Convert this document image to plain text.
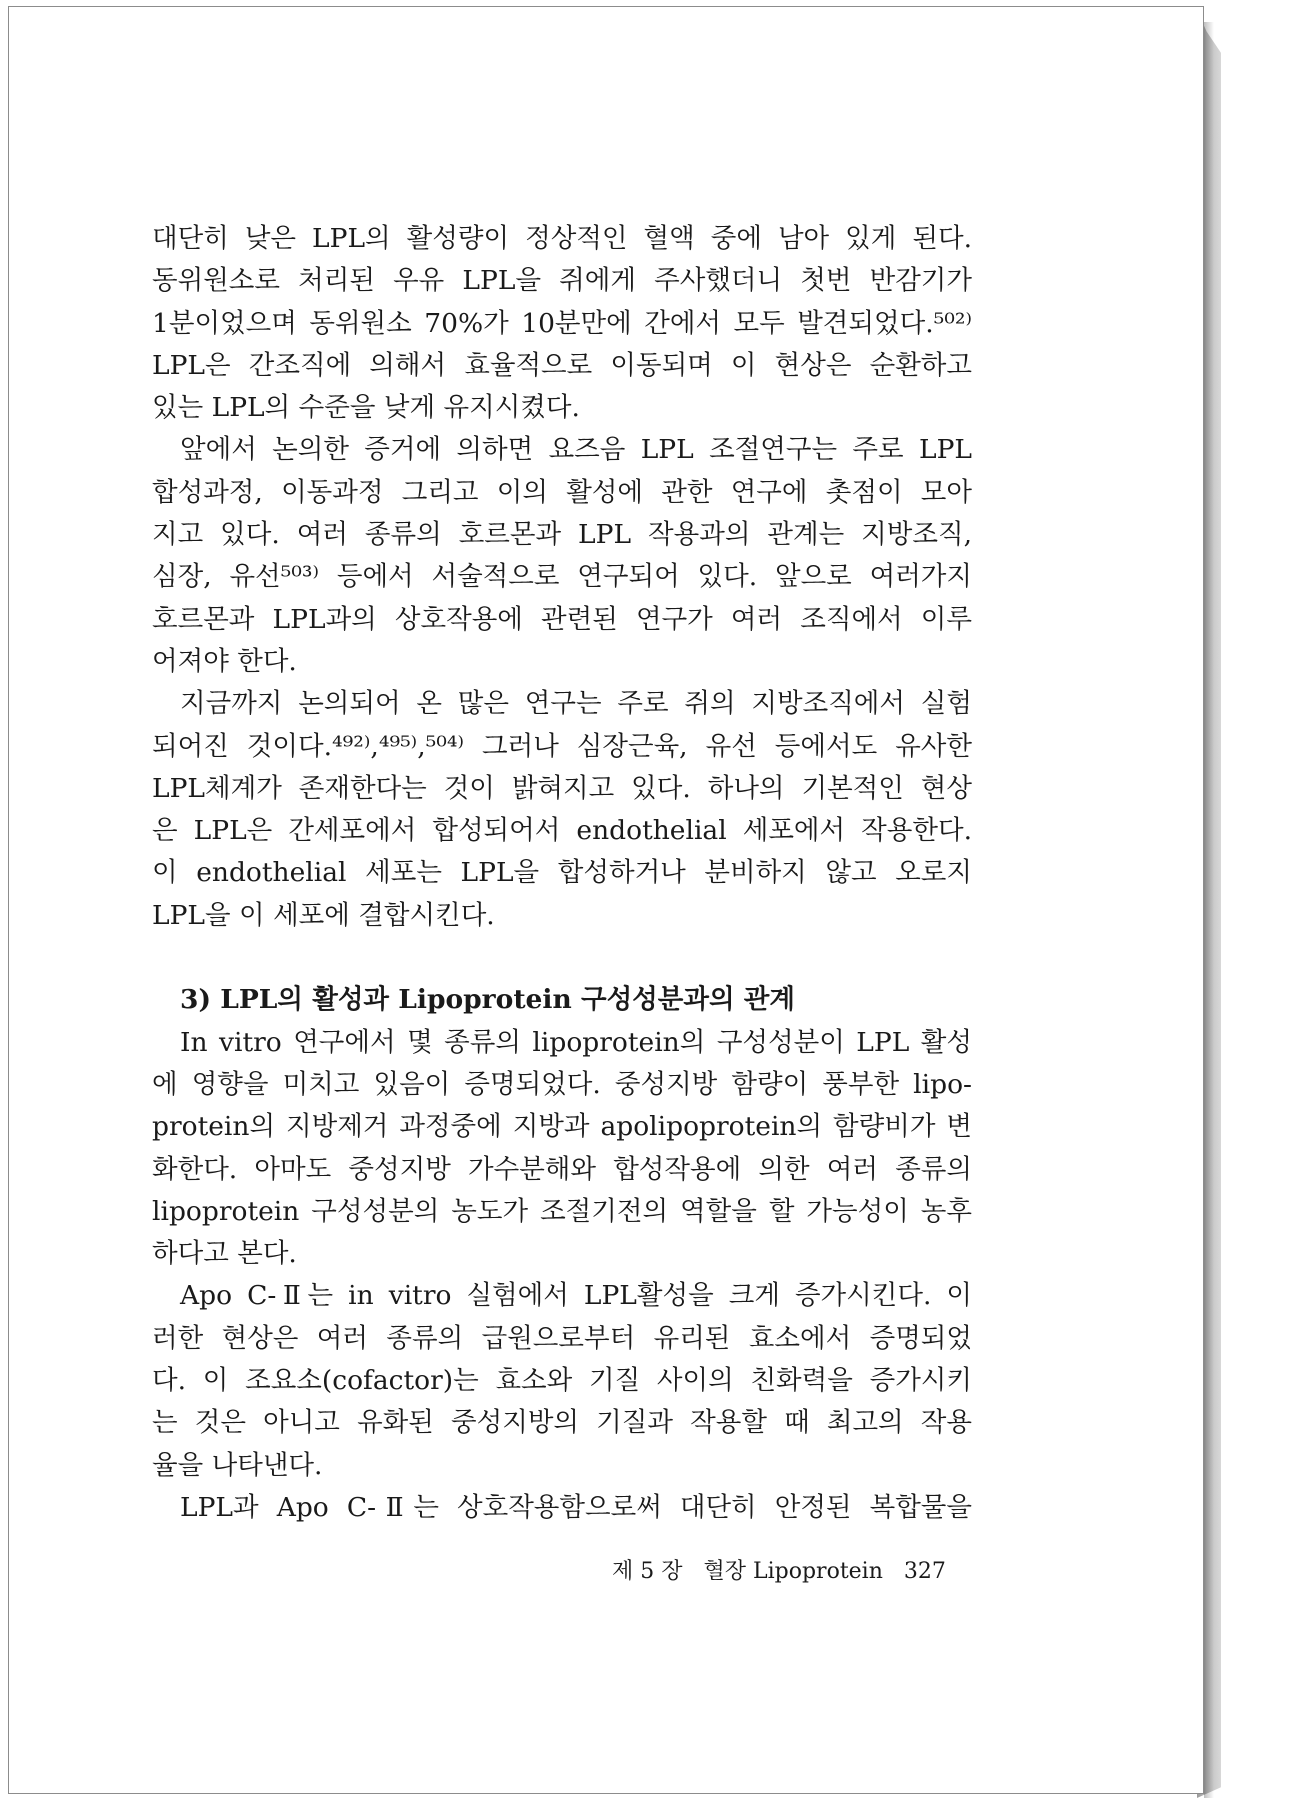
대단히 낮은 LPL의 활성량이 정상적인 혈액 중에 남아 있게 된다.
동위원소로 처리된 우유 LPL을 쥐에게 주사했더니 첫번 반감기가
1분이었으며 동위원소 70%가 10분만에 간에서 모두 발견되었다.⁵⁰²⁾
LPL은 간조직에 의해서 효율적으로 이동되며 이 현상은 순환하고
있는 LPL의 수준을 낮게 유지시켰다.
앞에서 논의한 증거에 의하면 요즈음 LPL 조절연구는 주로 LPL
합성과정, 이동과정 그리고 이의 활성에 관한 연구에 촛점이 모아
지고 있다. 여러 종류의 호르몬과 LPL 작용과의 관계는 지방조직,
심장, 유선⁵⁰³⁾ 등에서 서술적으로 연구되어 있다. 앞으로 여러가지
호르몬과 LPL과의 상호작용에 관련된 연구가 여러 조직에서 이루
어져야 한다.
지금까지 논의되어 온 많은 연구는 주로 쥐의 지방조직에서 실험
되어진 것이다.⁴⁹²⁾,⁴⁹⁵⁾,⁵⁰⁴⁾ 그러나 심장근육, 유선 등에서도 유사한
LPL체계가 존재한다는 것이 밝혀지고 있다. 하나의 기본적인 현상
은 LPL은 간세포에서 합성되어서 endothelial 세포에서 작용한다.
이 endothelial 세포는 LPL을 합성하거나 분비하지 않고 오로지
LPL을 이 세포에 결합시킨다.
3) LPL의 활성과 Lipoprotein 구성성분과의 관계
In vitro 연구에서 몇 종류의 lipoprotein의 구성성분이 LPL 활성
에 영향을 미치고 있음이 증명되었다. 중성지방 함량이 풍부한 lipo-
protein의 지방제거 과정중에 지방과 apolipoprotein의 함량비가 변
화한다. 아마도 중성지방 가수분해와 합성작용에 의한 여러 종류의
lipoprotein 구성성분의 농도가 조절기전의 역할을 할 가능성이 농후
하다고 본다.
Apo C-Ⅱ는 in vitro 실험에서 LPL활성을 크게 증가시킨다. 이
러한 현상은 여러 종류의 급원으로부터 유리된 효소에서 증명되었
다. 이 조요소(cofactor)는 효소와 기질 사이의 친화력을 증가시키
는 것은 아니고 유화된 중성지방의 기질과 작용할 때 최고의 작용
율을 나타낸다.
LPL과 Apo C-Ⅱ는 상호작용함으로써 대단히 안정된 복합물을
제 5 장 혈장 Lipoprotein 327
